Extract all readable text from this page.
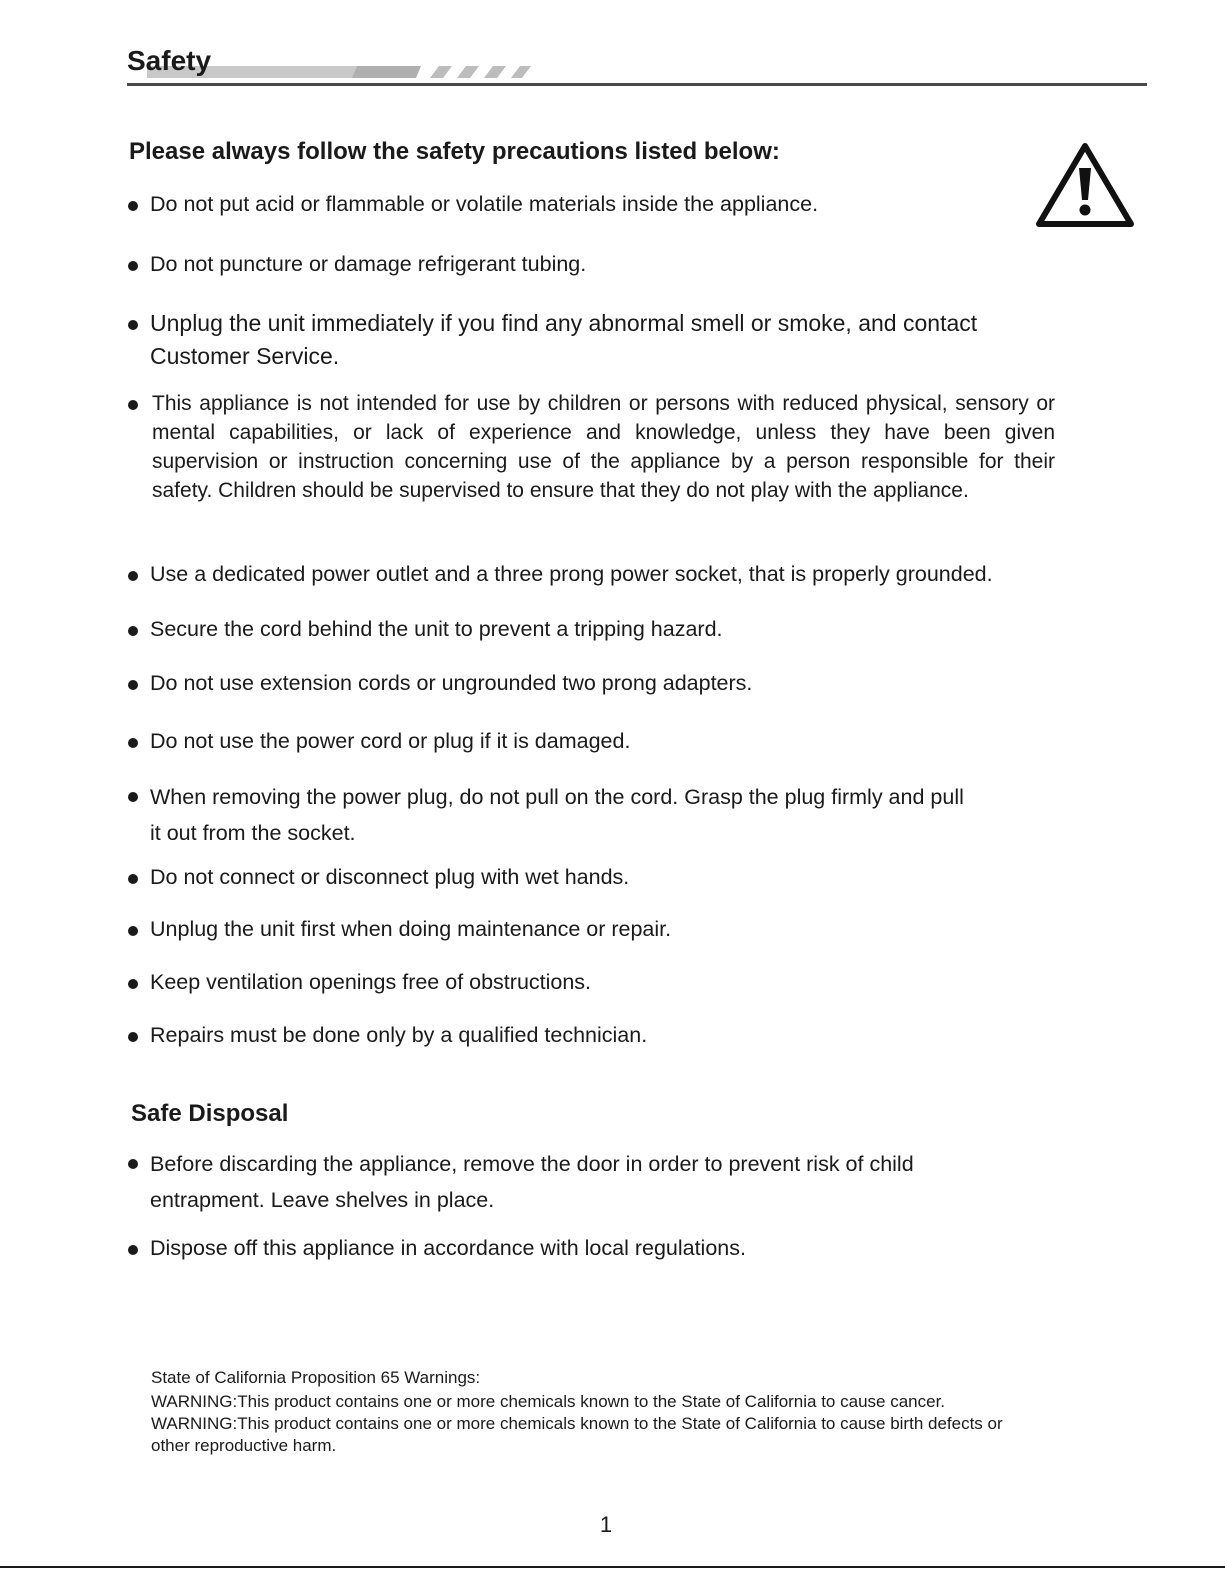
Safety
Please always follow the safety precautions listed below:
Do not put acid or flammable or volatile materials inside the appliance.
Do not puncture or damage refrigerant tubing.
Unplug the unit immediately if you find any abnormal smell or smoke, and contact
Customer Service.
This appliance is not intended for use by children or persons with reduced physical, sensory or mental capabilities, or lack of experience and knowledge, unless they have been given supervision or instruction concerning use of the appliance by a person responsible for their safety. Children should be supervised to ensure that they do not play with the appliance.
Use a dedicated power outlet and a three prong power socket, that is properly grounded.
Secure the cord behind the unit to prevent a tripping hazard.
Do not use extension cords or ungrounded two prong adapters.
Do not use the power cord or plug if it is damaged.
When removing the power plug, do not pull on the cord. Grasp the plug firmly and pull
it out from the socket.
Do not connect or disconnect plug with wet hands.
Unplug the unit first when doing maintenance or repair.
Keep ventilation openings free of obstructions.
Repairs must be done only by a qualified technician.
Safe Disposal
Before discarding the appliance, remove the door in order to prevent risk of child
entrapment. Leave shelves in place.
Dispose off this appliance in accordance with local regulations.
State of California Proposition 65 Warnings:
WARNING:This product contains one or more chemicals known to the State of California to cause cancer.
WARNING:This product contains one or more chemicals known to the State of California to cause birth defects or
other reproductive harm.
1
